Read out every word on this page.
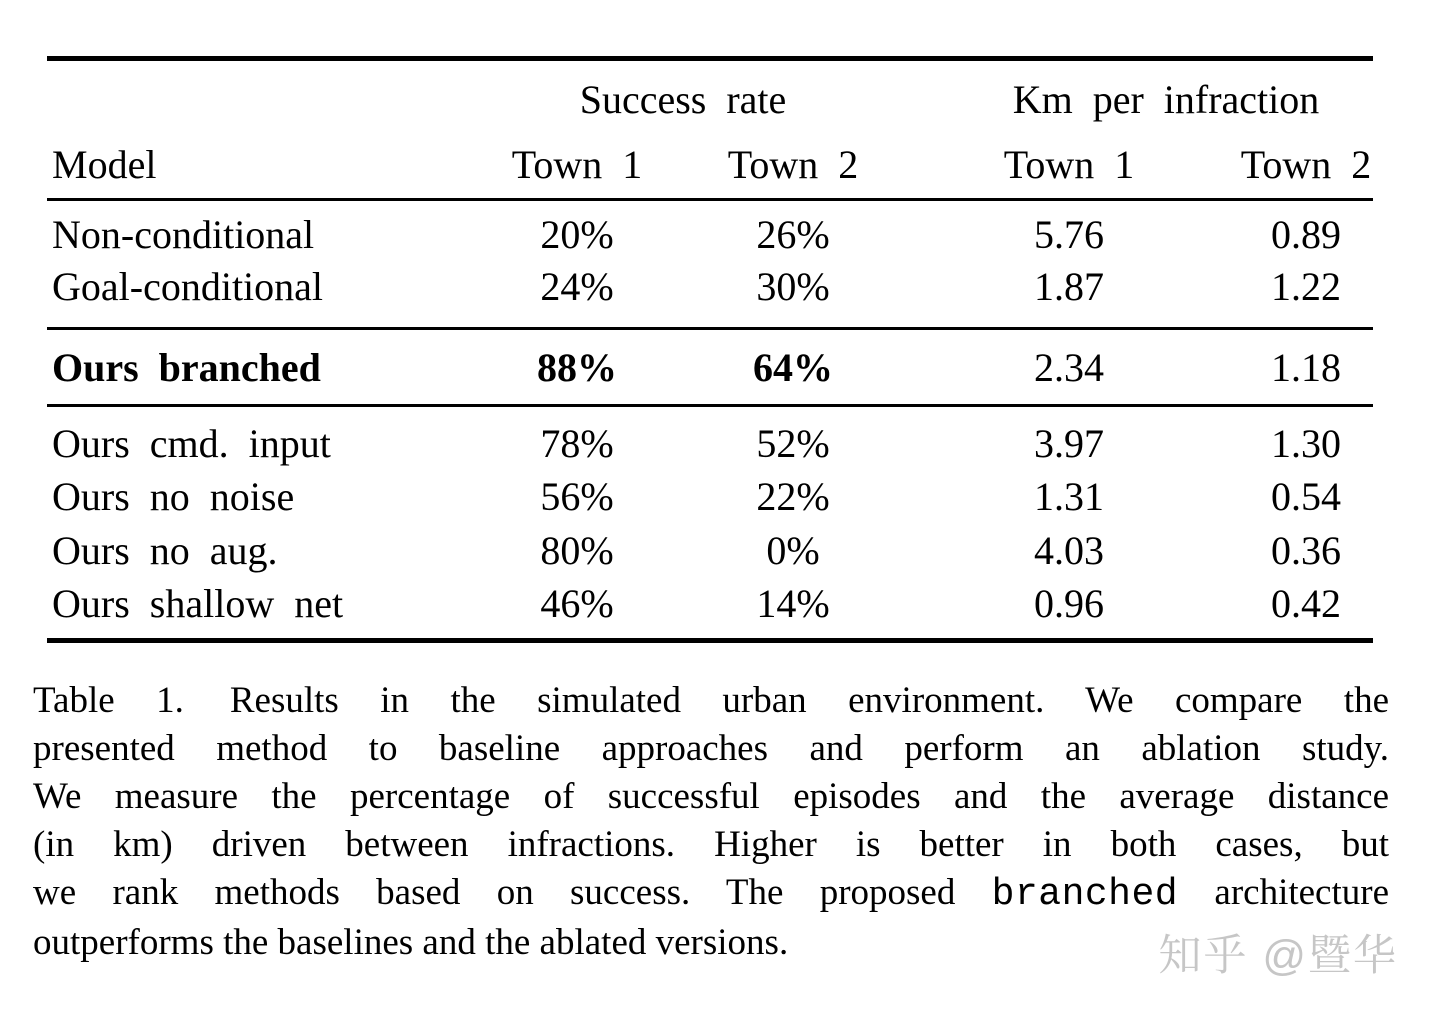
	Success rate		Km per infraction	
Model	Town 1	Town 2	Town 1	Town 2
Non-conditional	20%	26%	5.76	0.89
Goal-conditional	24%	30%	1.87	1.22
Ours branched	88%	64%	2.34	1.18
Ours cmd. input	78%	52%	3.97	1.30
Ours no noise	56%	22%	1.31	0.54
Ours no aug.	80%	0%	4.03	0.36
Ours shallow net	46%	14%	0.96	0.42
Table 1. Results in the simulated urban environment. We compare the
presented method to baseline approaches and perform an ablation study.
We measure the percentage of successful episodes and the average distance
(in km) driven between infractions. Higher is better in both cases, but
we rank methods based on success. The proposed branched architecture
outperforms the baselines and the ablated versions.	知乎 @暨华
